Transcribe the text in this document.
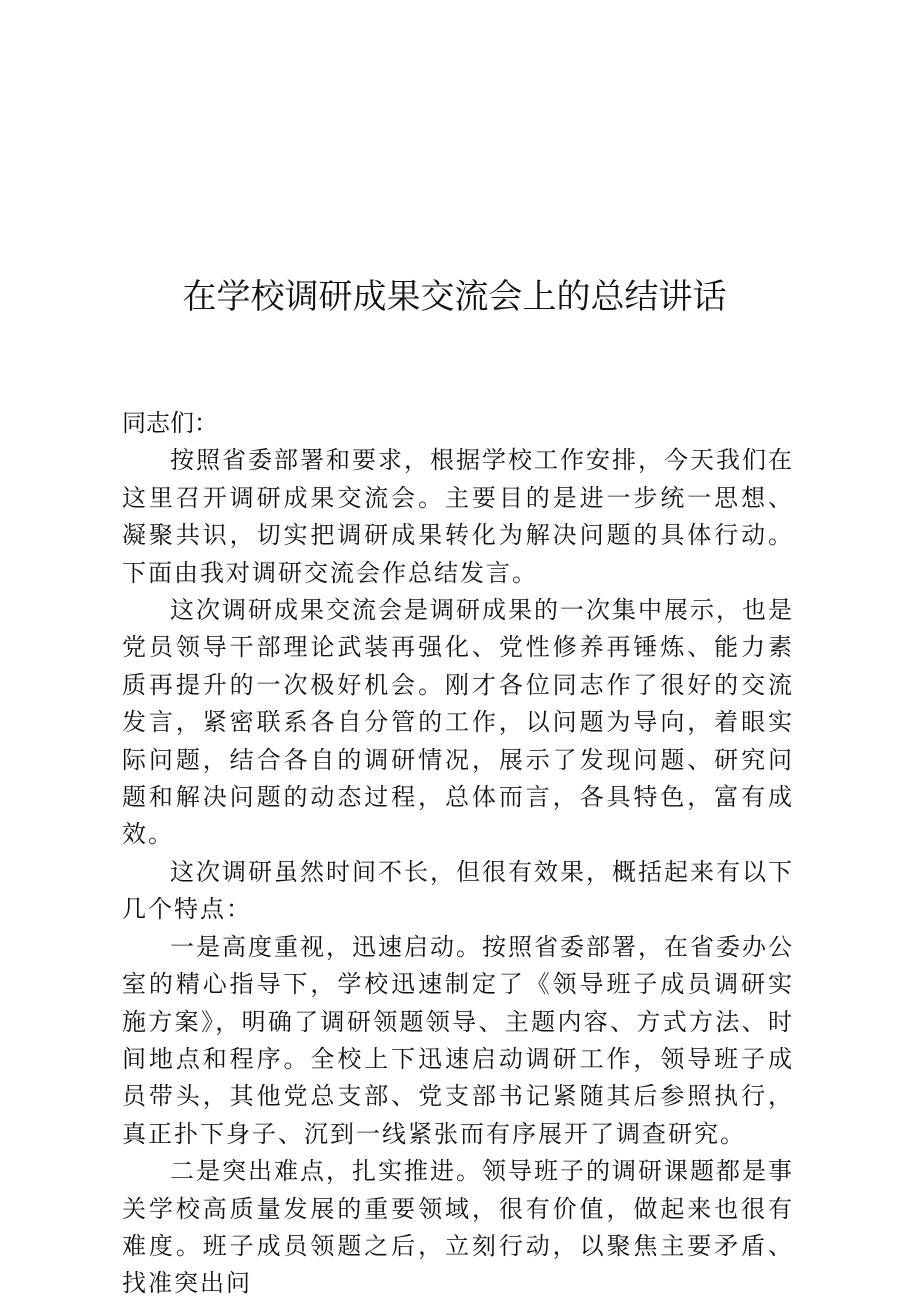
在学校调研成果交流会上的总结讲话

同志们：

按照省委部署和要求，根据学校工作安排，今天我们在这里召开调研成果交流会。主要目的是进一步统一思想、凝聚共识，切实把调研成果转化为解决问题的具体行动。下面由我对调研交流会作总结发言。

这次调研成果交流会是调研成果的一次集中展示，也是党员领导干部理论武装再强化、党性修养再锤炼、能力素质再提升的一次极好机会。刚才各位同志作了很好的交流发言，紧密联系各自分管的工作，以问题为导向，着眼实际问题，结合各自的调研情况，展示了发现问题、研究问题和解决问题的动态过程，总体而言，各具特色，富有成效。

这次调研虽然时间不长，但很有效果，概括起来有以下几个特点：

一是高度重视，迅速启动。按照省委部署，在省委办公室的精心指导下，学校迅速制定了《领导班子成员调研实施方案》，明确了调研领题领导、主题内容、方式方法、时间地点和程序。全校上下迅速启动调研工作，领导班子成员带头，其他党总支部、党支部书记紧随其后参照执行，真正扑下身子、沉到一线紧张而有序展开了调查研究。

二是突出难点，扎实推进。领导班子的调研课题都是事关学校高质量发展的重要领域，很有价值，做起来也很有难度。班子成员领题之后，立刻行动，以聚焦主要矛盾、找准突出问
